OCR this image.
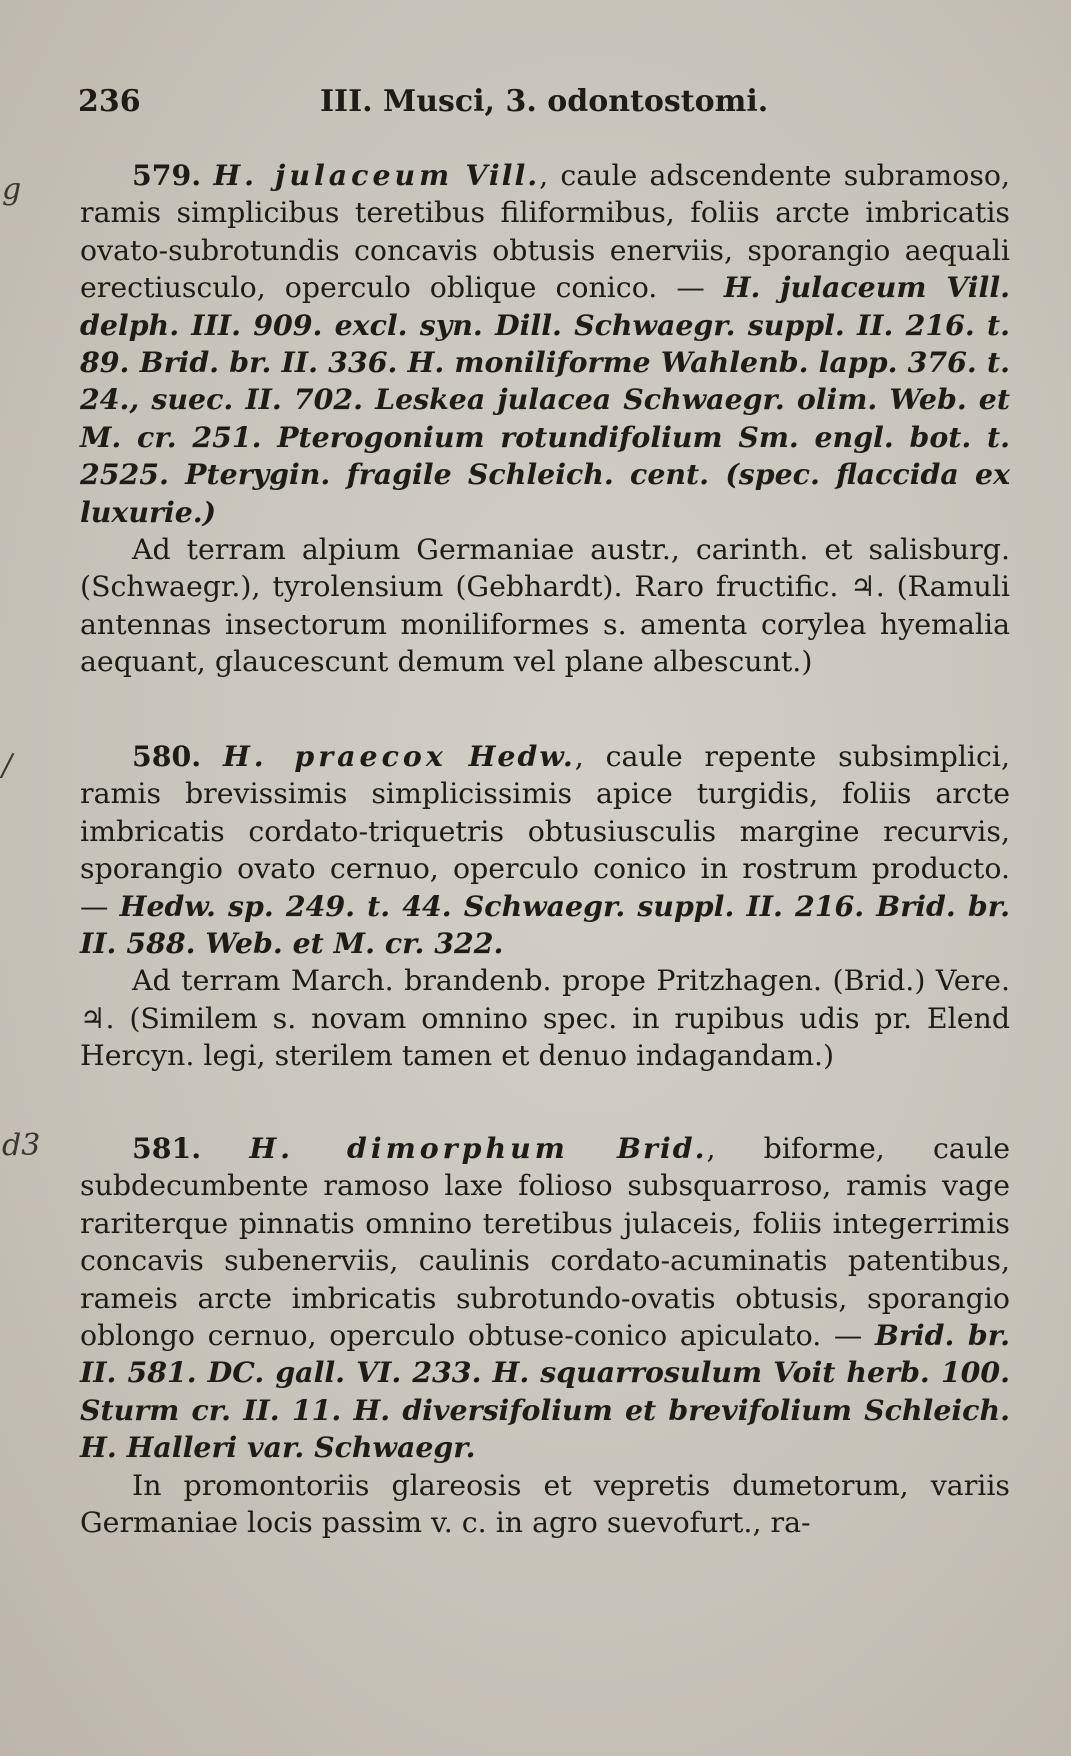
236	III. Musci, 3. odontostomi.
g
/
ⅾ3

579. H. julaceum Vill., caule adscendente subramoso, ramis simplicibus teretibus filiformibus, foliis arcte imbricatis ovato-subrotundis concavis obtusis enerviis, sporangio aequali erectiusculo, operculo oblique conico. — H. julaceum Vill. delph. III. 909. excl. syn. Dill. Schwaegr. suppl. II. 216. t. 89. Brid. br. II. 336. H. moniliforme Wahlenb. lapp. 376. t. 24., suec. II. 702. Leskea julacea Schwaegr. olim. Web. et M. cr. 251. Pterogonium rotundifolium Sm. engl. bot. t. 2525. Pterygin. fragile Schleich. cent. (spec. flaccida ex luxurie.)

Ad terram alpium Germaniae austr., carinth. et salisburg. (Schwaegr.), tyrolensium (Gebhardt). Raro fructific. ♃. (Ramuli antennas insectorum moniliformes s. amenta corylea hyemalia aequant, glaucescunt demum vel plane albescunt.)

580. H. praecox Hedw., caule repente subsimplici, ramis brevissimis simplicissimis apice turgidis, foliis arcte imbricatis cordato-triquetris obtusiusculis margine recurvis, sporangio ovato cernuo, operculo conico in rostrum producto. — Hedw. sp. 249. t. 44. Schwaegr. suppl. II. 216. Brid. br. II. 588. Web. et M. cr. 322.

Ad terram March. brandenb. prope Pritzhagen. (Brid.) Vere. ♃. (Similem s. novam omnino spec. in rupibus udis pr. Elend Hercyn. legi, sterilem tamen et denuo indagandam.)

581. H. dimorphum Brid., biforme, caule subdecumbente ramoso laxe folioso subsquarroso, ramis vage rariterque pinnatis omnino teretibus julaceis, foliis integerrimis concavis subenerviis, caulinis cordato-acuminatis patentibus, rameis arcte imbricatis subrotundo-ovatis obtusis, sporangio oblongo cernuo, operculo obtuse-conico apiculato. — Brid. br. II. 581. DC. gall. VI. 233. H. squarrosulum Voit herb. 100. Sturm cr. II. 11. H. diversifolium et brevifolium Schleich. H. Halleri var. Schwaegr.

In promontoriis glareosis et vepretis dumetorum, variis Germaniae locis passim v. c. in agro suevofurt., ra-
